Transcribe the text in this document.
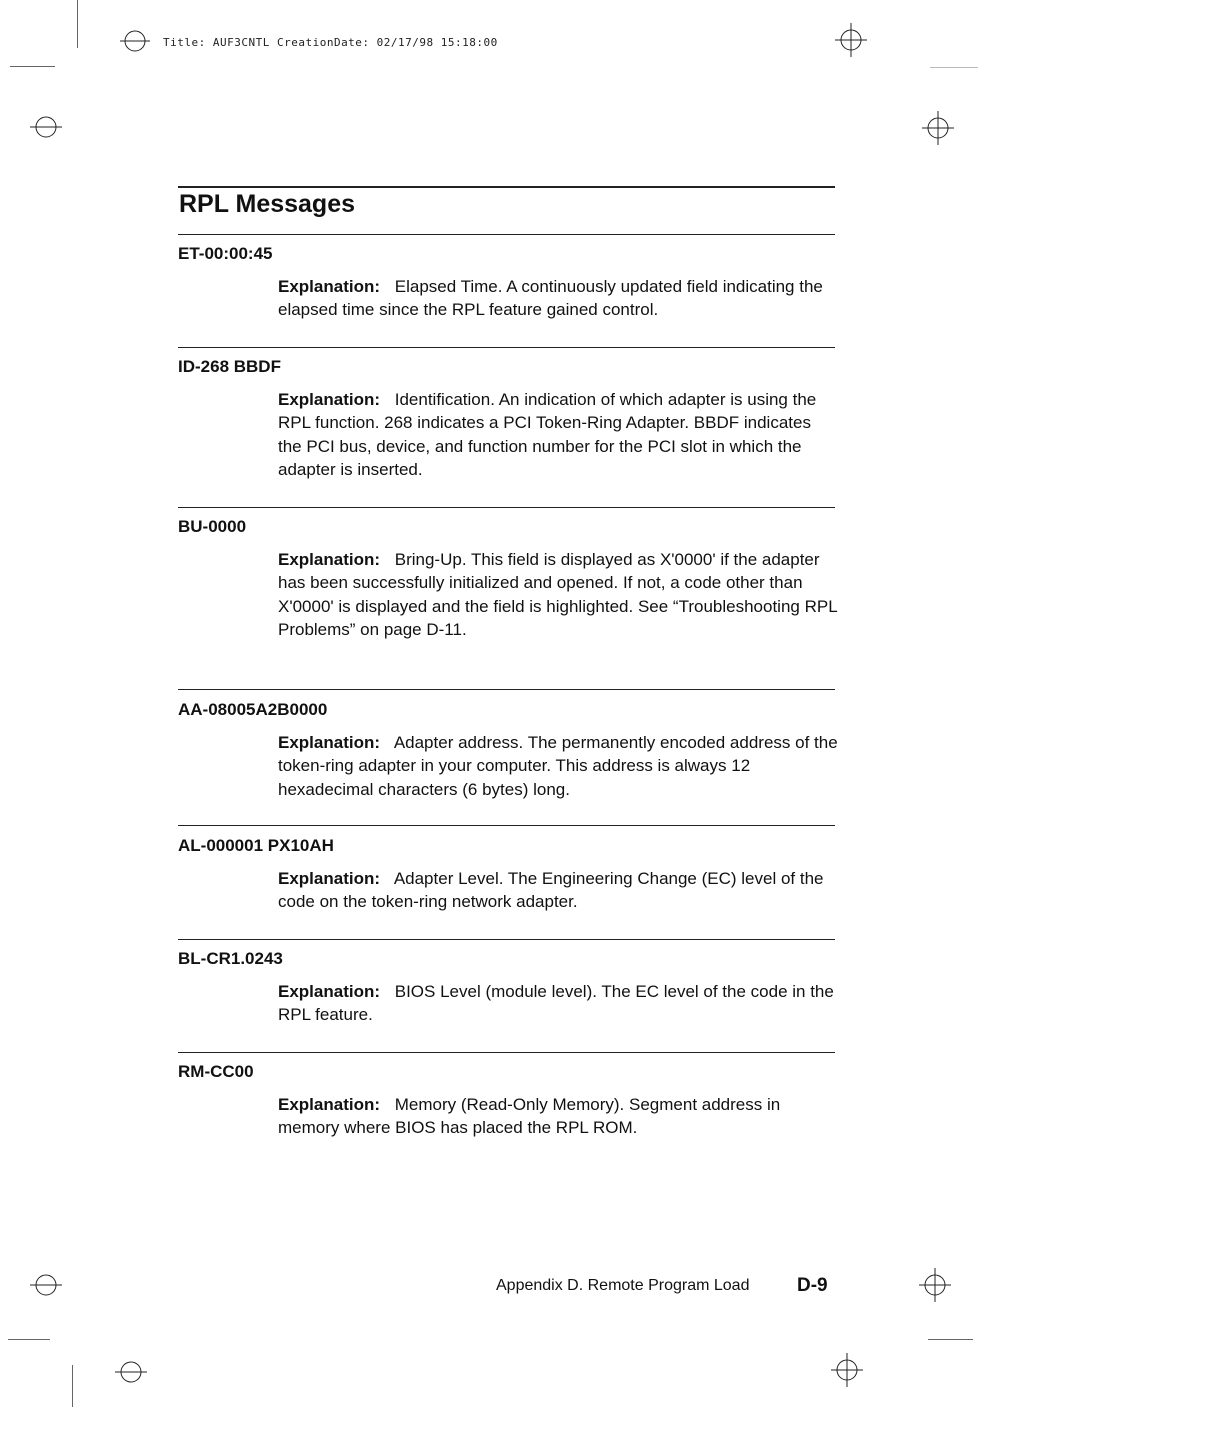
Title: AUF3CNTL CreationDate: 02/17/98 15:18:00
RPL Messages
ET-00:00:45
Explanation: Elapsed Time. A continuously updated field indicating the elapsed time since the RPL feature gained control.
ID-268 BBDF
Explanation: Identification. An indication of which adapter is using the RPL function. 268 indicates a PCI Token-Ring Adapter. BBDF indicates the PCI bus, device, and function number for the PCI slot in which the adapter is inserted.
BU-0000
Explanation: Bring-Up. This field is displayed as X'0000' if the adapter has been successfully initialized and opened. If not, a code other than X'0000' is displayed and the field is highlighted. See “Troubleshooting RPL Problems” on page D-11.
AA-08005A2B0000
Explanation: Adapter address. The permanently encoded address of the token-ring adapter in your computer. This address is always 12 hexadecimal characters (6 bytes) long.
AL-000001 PX10AH
Explanation: Adapter Level. The Engineering Change (EC) level of the code on the token-ring network adapter.
BL-CR1.0243
Explanation: BIOS Level (module level). The EC level of the code in the RPL feature.
RM-CC00
Explanation: Memory (Read-Only Memory). Segment address in memory where BIOS has placed the RPL ROM.
Appendix D. Remote Program Load	D-9
